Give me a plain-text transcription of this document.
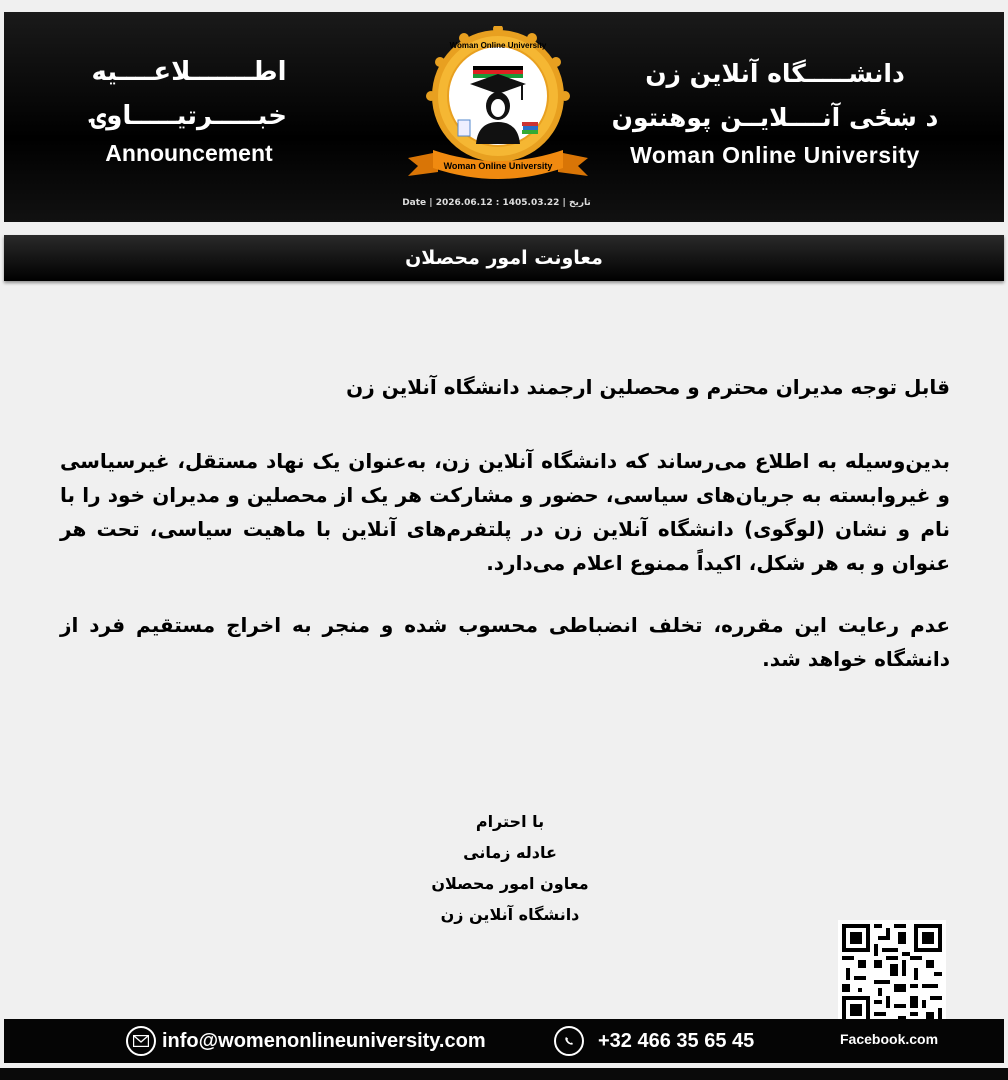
اطـــــــلاعــــيه
خبـــــرتيـــــاوۍ
Announcement
Woman Online University
Woman Online University
Date | 2026.06.12 : 1405.03.22 | تاریخ
دانشـــــگاه آنلاین زن
د ښځی آنــــلایــن پوهنتون
Woman Online University
معاونت امور محصلان
قابل توجه مدیران محترم و محصلین ارجمند دانشگاه آنلاین زن
بدین‌وسیله به اطلاع می‌رساند که دانشگاه آنلاین زن، به‌عنوان یک نهاد مستقل، غیرسیاسی و غیروابسته به جریان‌های سیاسی، حضور و مشارکت هر یک از محصلین و مدیران خود را با نام و نشان (لوگوی) دانشگاه آنلاین زن در پلتفرم‌های آنلاین با ماهیت سیاسی، تحت هر عنوان و به هر شکل، اکیداً ممنوع اعلام می‌دارد.
عدم رعایت این مقرره، تخلف انضباطی محسوب شده و منجر به اخراج مستقیم فرد از دانشگاه خواهد شد.
با احترام
عادله زمانی
معاون امور محصلان
دانشگاه آنلاین زن
info@womenonlineuniversity.com	+32 466 35 65 45	Facebook.com
